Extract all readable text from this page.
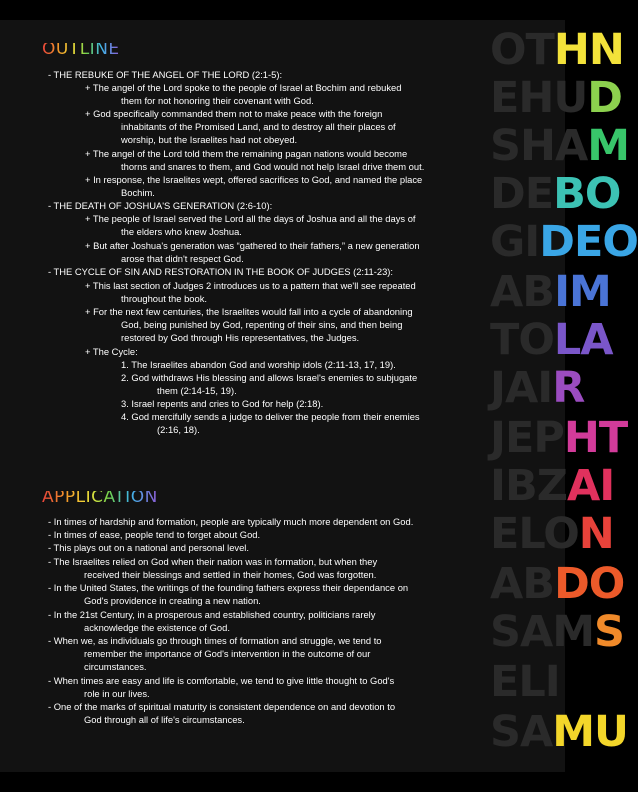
OTHN
EHUD
SHAM
DEBO
GIDEO
ABIM
TOLA
JAIR
JEPHT
IBZAI
ELON
ABDO
SAMS
ELI
SAMU
OUTLINE
- THE REBUKE OF THE ANGEL OF THE LORD (2:1-5):
+ The angel of the Lord spoke to the people of Israel at Bochim and rebuked
them for not honoring their covenant with God.
+ God specifically commanded them not to make peace with the foreign
inhabitants of the Promised Land, and to destroy all their places of
worship, but the Israelites had not obeyed.
+ The angel of the Lord told them the remaining pagan nations would become
thorns and snares to them, and God would not help Israel drive them out.
+ In response, the Israelites wept, offered sacrifices to God, and named the place
Bochim.
- THE DEATH OF JOSHUA'S GENERATION (2:6-10):
+ The people of Israel served the Lord all the days of Joshua and all the days of
the elders who knew Joshua.
+ But after Joshua's generation was “gathered to their fathers,” a new generation
arose that didn't respect God.
- THE CYCLE OF SIN AND RESTORATION IN THE BOOK OF JUDGES (2:11-23):
+ This last section of Judges 2 introduces us to a pattern that we'll see repeated
throughout the book.
+ For the next few centuries, the Israelites would fall into a cycle of abandoning
God, being punished by God, repenting of their sins, and then being
restored by God through His representatives, the Judges.
+ The Cycle:
1. The Israelites abandon God and worship idols (2:11-13, 17, 19).
2. God withdraws His blessing and allows Israel's enemies to subjugate
them (2:14-15, 19).
3. Israel repents and cries to God for help (2:18).
4. God mercifully sends a judge to deliver the people from their enemies
(2:16, 18).
APPLICATION
- In times of hardship and formation, people are typically much more dependent on God.
- In times of ease, people tend to forget about God.
- This plays out on a national and personal level.
- The Israelites relied on God when their nation was in formation, but when they
received their blessings and settled in their homes, God was forgotten.
- In the United States, the writings of the founding fathers express their dependance on
God's providence in creating a new nation.
- In the 21st Century, in a prosperous and established country, politicians rarely
acknowledge the existence of God.
- When we, as individuals go through times of formation and struggle, we tend to
remember the importance of God's intervention in the outcome of our
circumstances.
- When times are easy and life is comfortable, we tend to give little thought to God's
role in our lives.
- One of the marks of spiritual maturity is consistent dependence on and devotion to
God through all of life's circumstances.
